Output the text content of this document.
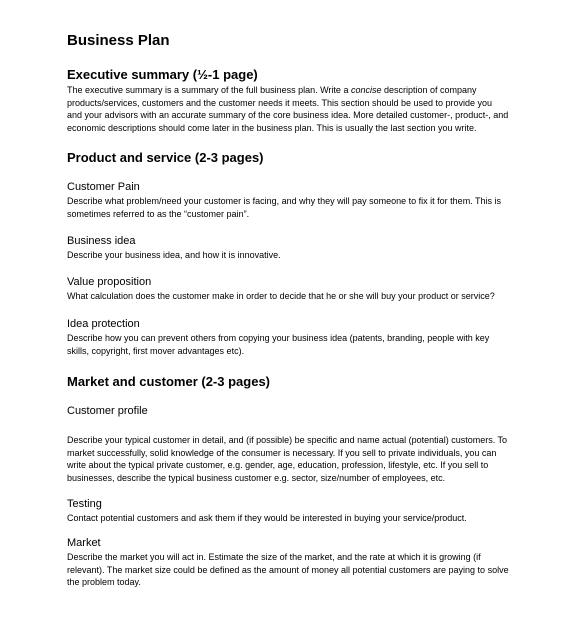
Business Plan
Executive summary (½-1 page)
The executive summary is a summary of the full business plan. Write a concise description of company
products/services, customers and the customer needs it meets. This section should be used to provide you
and your advisors with an accurate summary of the core business idea. More detailed customer-, product-, and
economic descriptions should come later in the business plan. This is usually the last section you write.
Product and service (2-3 pages)
Customer Pain
Describe what problem/need your customer is facing, and why they will pay someone to fix it for them. This is
sometimes referred to as the “customer pain”.
Business idea
Describe your business idea, and how it is innovative.
Value proposition
What calculation does the customer make in order to decide that he or she will buy your product or service?
Idea protection
Describe how you can prevent others from copying your business idea (patents, branding, people with key
skills, copyright, first mover advantages etc).
Market and customer (2-3 pages)
Customer profile
Describe your typical customer in detail, and (if possible) be specific and name actual (potential) customers. To
market successfully, solid knowledge of the consumer is necessary. If you sell to private individuals, you can
write about the typical private customer, e.g. gender, age, education, profession, lifestyle, etc. If you sell to
businesses, describe the typical business customer e.g. sector, size/number of employees, etc.
Testing
Contact potential customers and ask them if they would be interested in buying your service/product.
Market
Describe the market you will act in. Estimate the size of the market, and the rate at which it is growing (if
relevant). The market size could be defined as the amount of money all potential customers are paying to solve
the problem today.
